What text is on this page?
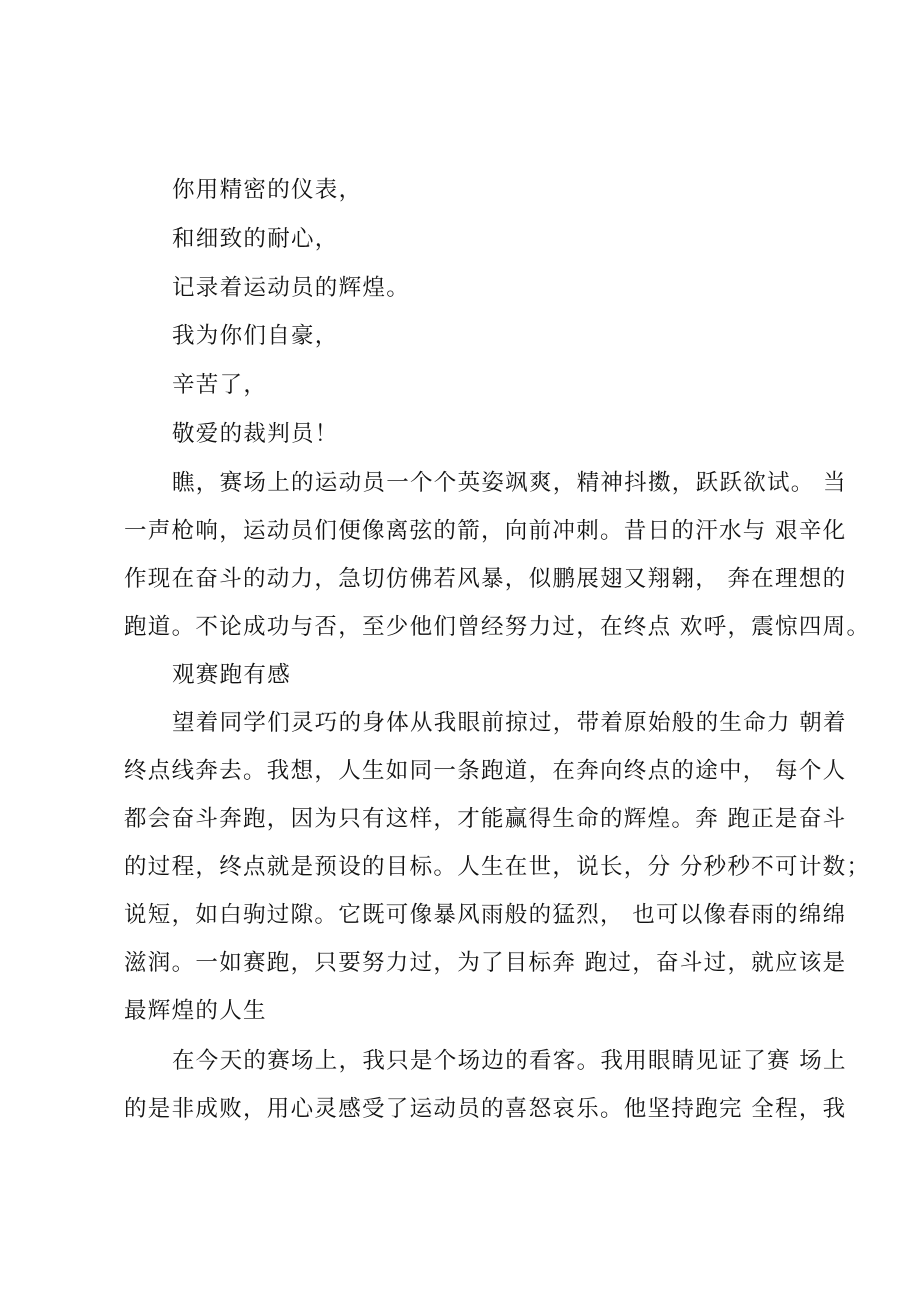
你用精密的仪表，
和细致的耐心，
记录着运动员的辉煌。
我为你们自豪，
辛苦了，
敬爱的裁判员！
瞧，赛场上的运动员一个个英姿飒爽，精神抖擞，跃跃欲试。 当
一声枪响，运动员们便像离弦的箭，向前冲刺。昔日的汗水与 艰辛化
作现在奋斗的动力，急切仿佛若风暴，似鹏展翅又翔翱， 奔在理想的
跑道。不论成功与否，至少他们曾经努力过，在终点 欢呼，震惊四周。
观赛跑有感
望着同学们灵巧的身体从我眼前掠过，带着原始般的生命力 朝着
终点线奔去。我想，人生如同一条跑道，在奔向终点的途中， 每个人
都会奋斗奔跑，因为只有这样，才能赢得生命的辉煌。奔 跑正是奋斗
的过程，终点就是预设的目标。人生在世，说长，分 分秒秒不可计数；
说短，如白驹过隙。它既可像暴风雨般的猛烈， 也可以像春雨的绵绵
滋润。一如赛跑，只要努力过，为了目标奔 跑过，奋斗过，就应该是
最辉煌的人生
在今天的赛场上，我只是个场边的看客。我用眼睛见证了赛 场上
的是非成败，用心灵感受了运动员的喜怒哀乐。他坚持跑完 全程，我
